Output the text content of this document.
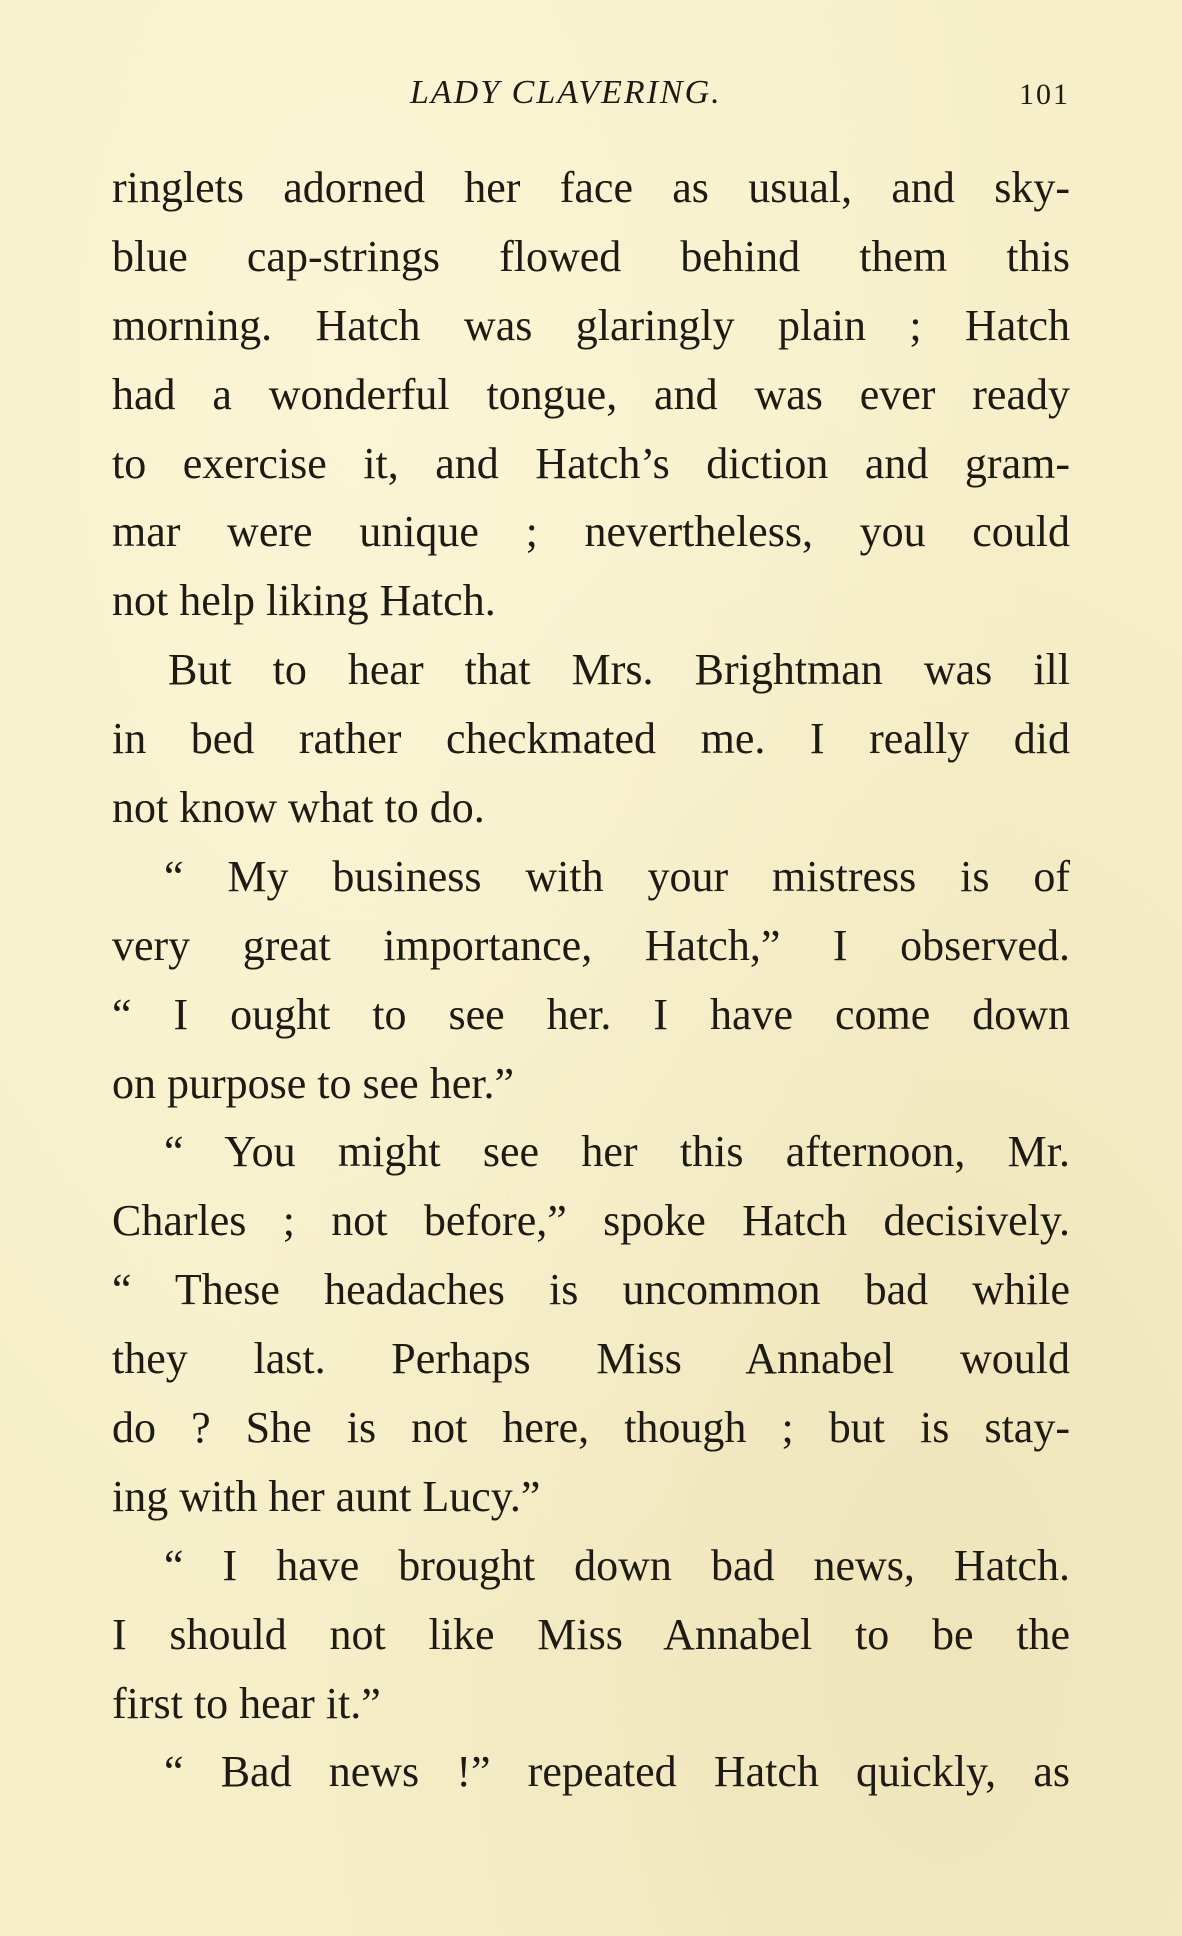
LADY CLAVERING.	101
ringlets adorned her face as usual, and sky-
blue cap-strings flowed behind them this
morning. Hatch was glaringly plain ; Hatch
had a wonderful tongue, and was ever ready
to exercise it, and Hatch’s diction and gram-
mar were unique ; nevertheless, you could
not help liking Hatch.
But to hear that Mrs. Brightman was ill
in bed rather checkmated me. I really did
not know what to do.
“ My business with your mistress is of
very great importance, Hatch,” I observed.
“ I ought to see her. I have come down
on purpose to see her.”
“ You might see her this afternoon, Mr.
Charles ; not before,” spoke Hatch decisively.
“ These headaches is uncommon bad while
they last. Perhaps Miss Annabel would
do ? She is not here, though ; but is stay-
ing with her aunt Lucy.”
“ I have brought down bad news, Hatch.
I should not like Miss Annabel to be the
first to hear it.”
“ Bad news !” repeated Hatch quickly, as
